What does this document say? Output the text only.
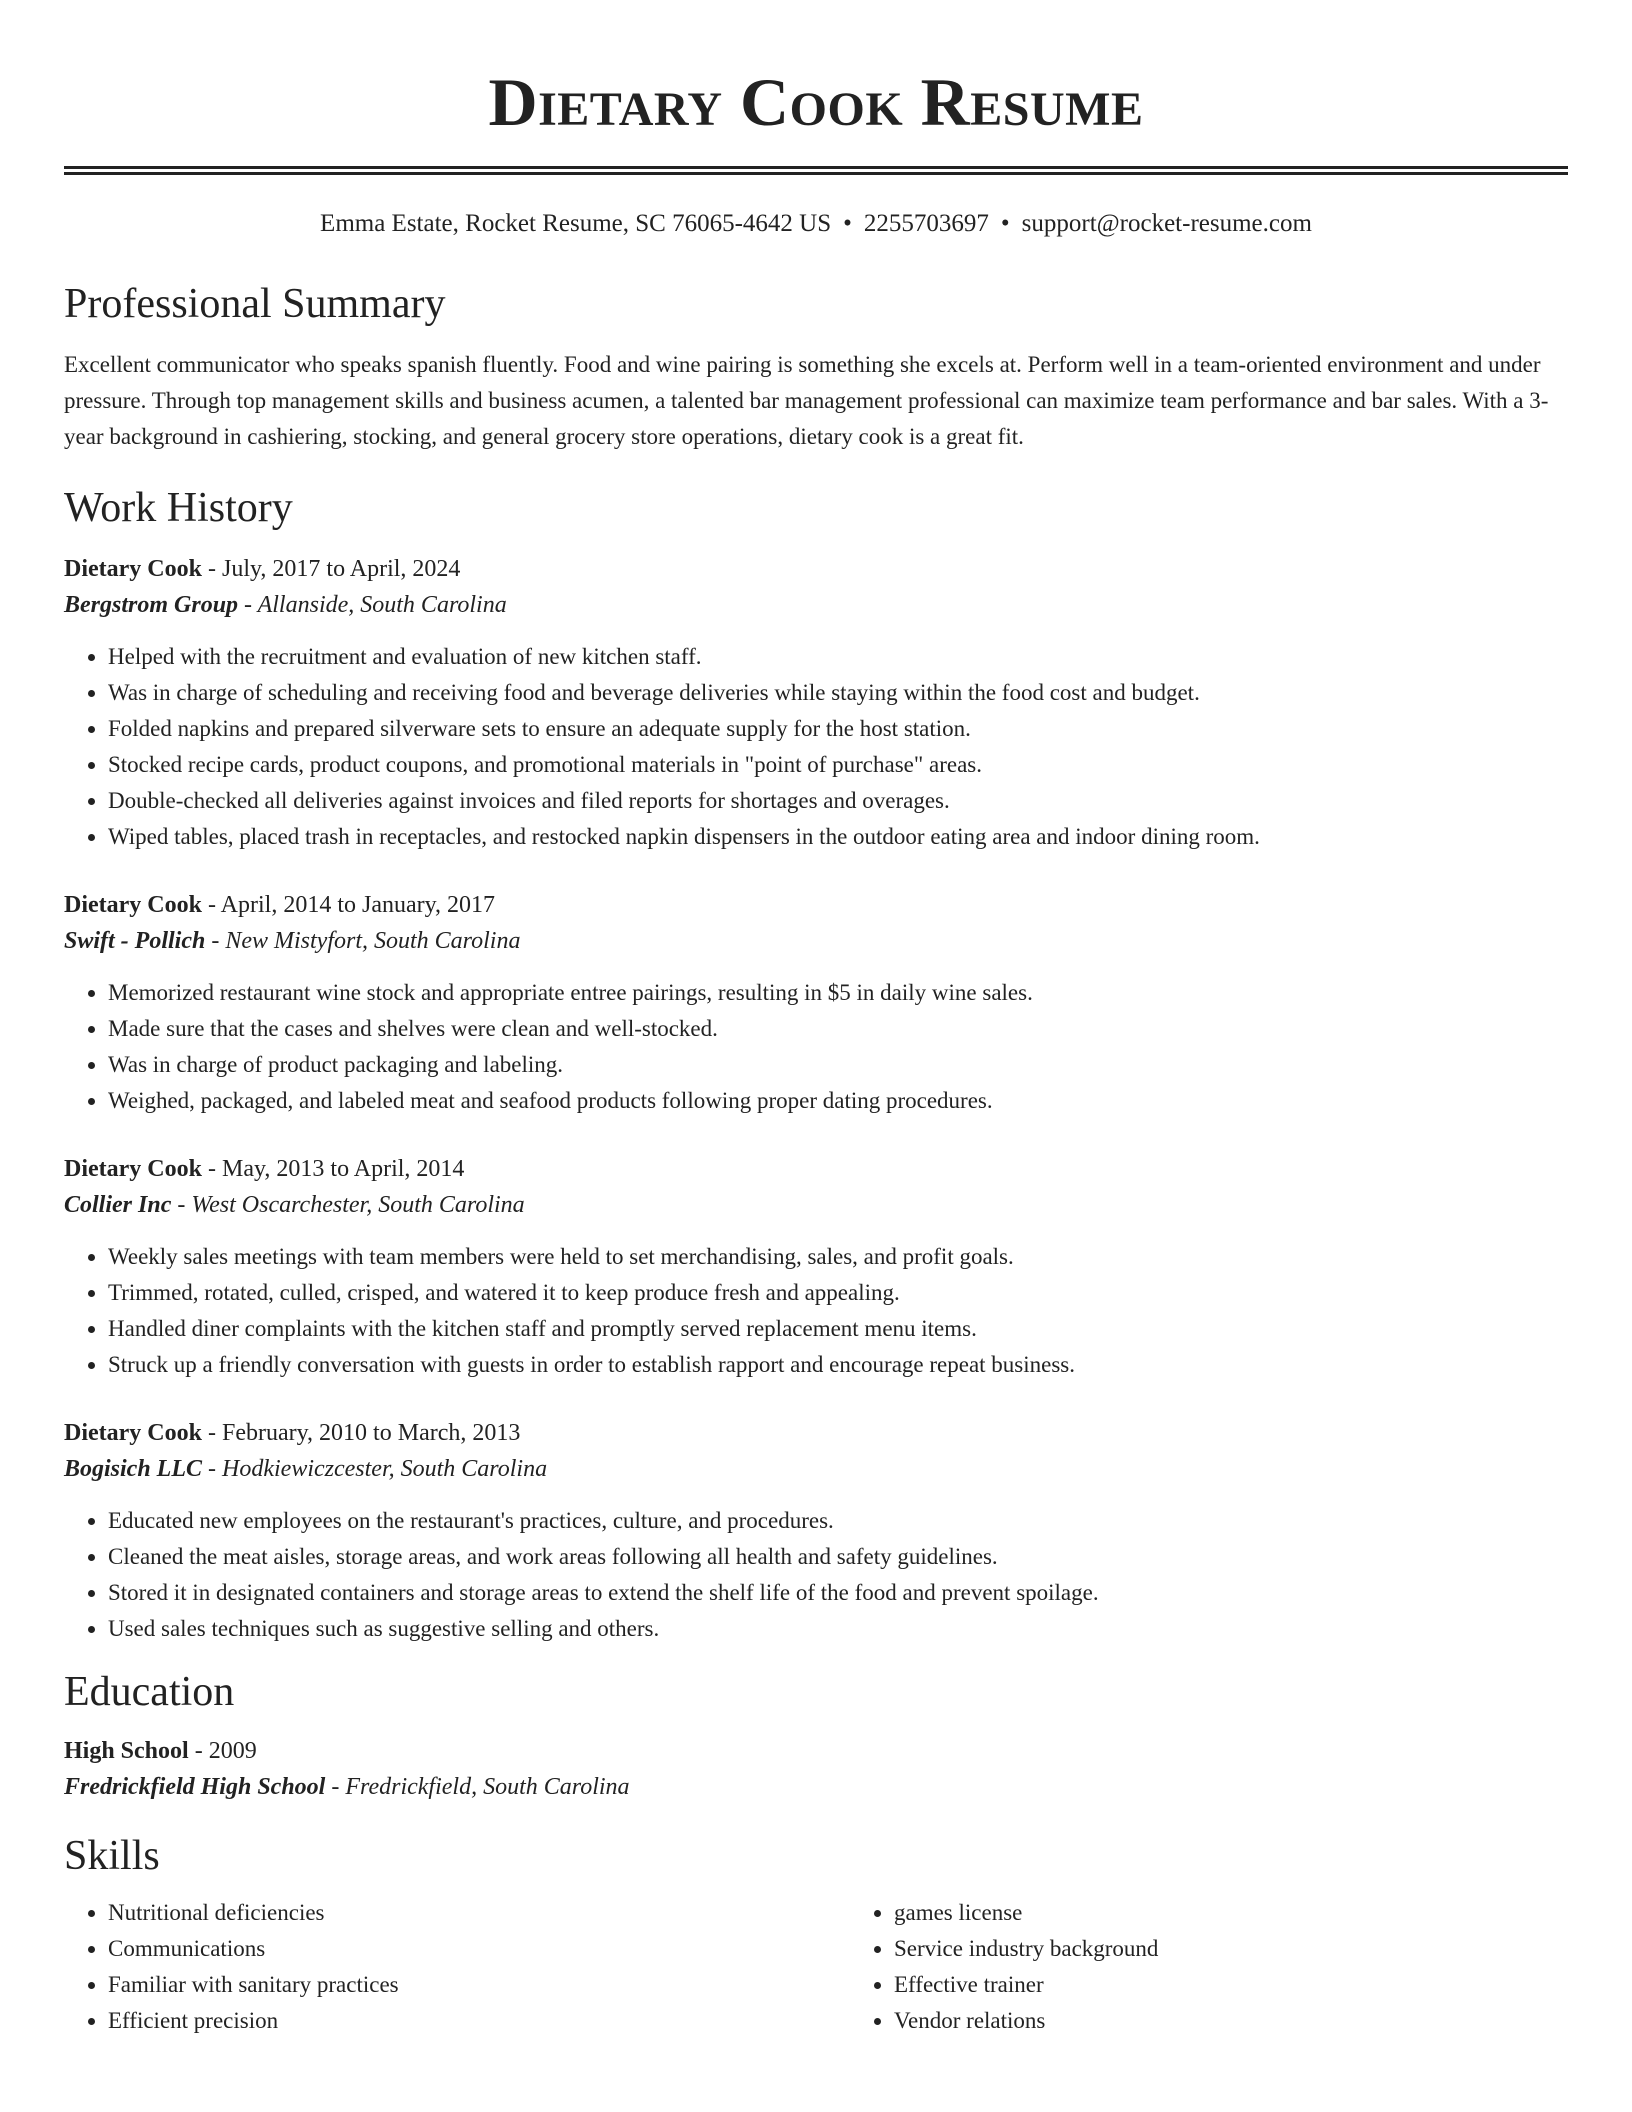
Dietary Cook Resume
Emma Estate, Rocket Resume, SC 76065-4642 US • 2255703697 • support@rocket-resume.com
Professional Summary

Excellent communicator who speaks spanish fluently. Food and wine pairing is something she excels at. Perform well in a team-oriented environment and under pressure. Through top management skills and business acumen, a talented bar management professional can maximize team performance and bar sales. With a 3-year background in cashiering, stocking, and general grocery store operations, dietary cook is a great fit.

Work History
Dietary Cook - July, 2017 to April, 2024
Bergstrom Group - Allanside, South Carolina
• Helped with the recruitment and evaluation of new kitchen staff.
• Was in charge of scheduling and receiving food and beverage deliveries while staying within the food cost and budget.
• Folded napkins and prepared silverware sets to ensure an adequate supply for the host station.
• Stocked recipe cards, product coupons, and promotional materials in "point of purchase" areas.
• Double-checked all deliveries against invoices and filed reports for shortages and overages.
• Wiped tables, placed trash in receptacles, and restocked napkin dispensers in the outdoor eating area and indoor dining room.
Dietary Cook - April, 2014 to January, 2017
Swift - Pollich - New Mistyfort, South Carolina
• Memorized restaurant wine stock and appropriate entree pairings, resulting in $5 in daily wine sales.
• Made sure that the cases and shelves were clean and well-stocked.
• Was in charge of product packaging and labeling.
• Weighed, packaged, and labeled meat and seafood products following proper dating procedures.
Dietary Cook - May, 2013 to April, 2014
Collier Inc - West Oscarchester, South Carolina
• Weekly sales meetings with team members were held to set merchandising, sales, and profit goals.
• Trimmed, rotated, culled, crisped, and watered it to keep produce fresh and appealing.
• Handled diner complaints with the kitchen staff and promptly served replacement menu items.
• Struck up a friendly conversation with guests in order to establish rapport and encourage repeat business.
Dietary Cook - February, 2010 to March, 2013
Bogisich LLC - Hodkiewiczcester, South Carolina
• Educated new employees on the restaurant's practices, culture, and procedures.
• Cleaned the meat aisles, storage areas, and work areas following all health and safety guidelines.
• Stored it in designated containers and storage areas to extend the shelf life of the food and prevent spoilage.
• Used sales techniques such as suggestive selling and others.
Education
High School - 2009
Fredrickfield High School - Fredrickfield, South Carolina
Skills
• Nutritional deficiencies
• Communications
• Familiar with sanitary practices
• Efficient precision
• games license
• Service industry background
• Effective trainer
• Vendor relations
